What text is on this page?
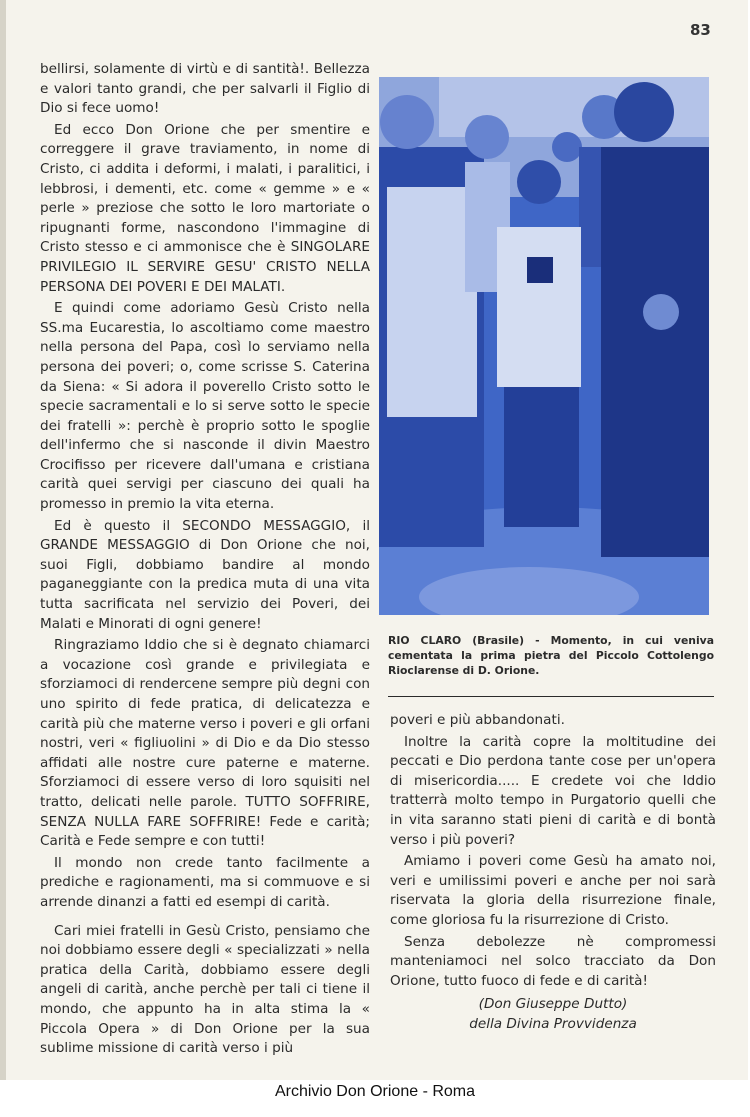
83

bellirsi, solamente di virtù e di santità!. Bellezza e valori tanto grandi, che per salvarli il Figlio di Dio si fece uomo!

Ed ecco Don Orione che per smentire e correggere il grave traviamento, in nome di Cristo, ci addita i deformi, i malati, i paralitici, i lebbrosi, i dementi, etc. come « gemme » e « perle » preziose che sotto le loro martoriate o ripugnanti forme, nascondono l'immagine di Cristo stesso e ci ammonisce che è SINGOLARE PRIVILEGIO IL SERVIRE GESU' CRISTO NELLA PERSONA DEI POVERI E DEI MALATI.

E quindi come adoriamo Gesù Cristo nella SS.ma Eucarestia, lo ascoltiamo come maestro nella persona del Papa, così lo serviamo nella persona dei poveri; o, come scrisse S. Caterina da Siena: « Si adora il poverello Cristo sotto le specie sacramentali e lo si serve sotto le specie dei fratelli »: perchè è proprio sotto le spoglie dell'infermo che si nasconde il divin Maestro Crocifisso per ricevere dall'umana e cristiana carità quei servigi per ciascuno dei quali ha promesso in premio la vita eterna.

Ed è questo il SECONDO MESSAGGIO, il GRANDE MESSAGGIO di Don Orione che noi, suoi Figli, dobbiamo bandire al mondo paganeggiante con la predica muta di una vita tutta sacrificata nel servizio dei Poveri, dei Malati e Minorati di ogni genere!

Ringraziamo Iddio che si è degnato chiamarci a vocazione così grande e privilegiata e sforziamoci di rendercene sempre più degni con uno spirito di fede pratica, di delicatezza e carità più che materne verso i poveri e gli orfani nostri, veri « figliuolini » di Dio e da Dio stesso affidati alle nostre cure paterne e materne. Sforziamoci di essere verso di loro squisiti nel tratto, delicati nelle parole. TUTTO SOFFRIRE, SENZA NULLA FARE SOFFRIRE! Fede e carità; Carità e Fede sempre e con tutti!

Il mondo non crede tanto facilmente a prediche e ragionamenti, ma si commuove e si arrende dinanzi a fatti ed esempi di carità.

Cari miei fratelli in Gesù Cristo, pensiamo che noi dobbiamo essere degli « specializzati » nella pratica della Carità, dobbiamo essere degli angeli di carità, anche perchè per tali ci tiene il mondo, che appunto ha in alta stima la « Piccola Opera » di Don Orione per la sua sublime missione di carità verso i più

RIO CLARO (Brasile) - Momento, in cui veniva cementata la prima pietra del Piccolo Cottolengo Rioclarense di D. Orione.

poveri e più abbandonati.

Inoltre la carità copre la moltitudine dei peccati e Dio perdona tante cose per un'opera di misericordia..... E credete voi che Iddio tratterrà molto tempo in Purgatorio quelli che in vita saranno stati pieni di carità e di bontà verso i più poveri?

Amiamo i poveri come Gesù ha amato noi, veri e umilissimi poveri e anche per noi sarà riservata la gloria della risurrezione finale, come gloriosa fu la risurrezione di Cristo.

Senza debolezze nè compromessi manteniamoci nel solco tracciato da Don Orione, tutto fuoco di fede e di carità!

(Don Giuseppe Dutto)
della Divina Provvidenza
Archivio Don Orione - Roma
